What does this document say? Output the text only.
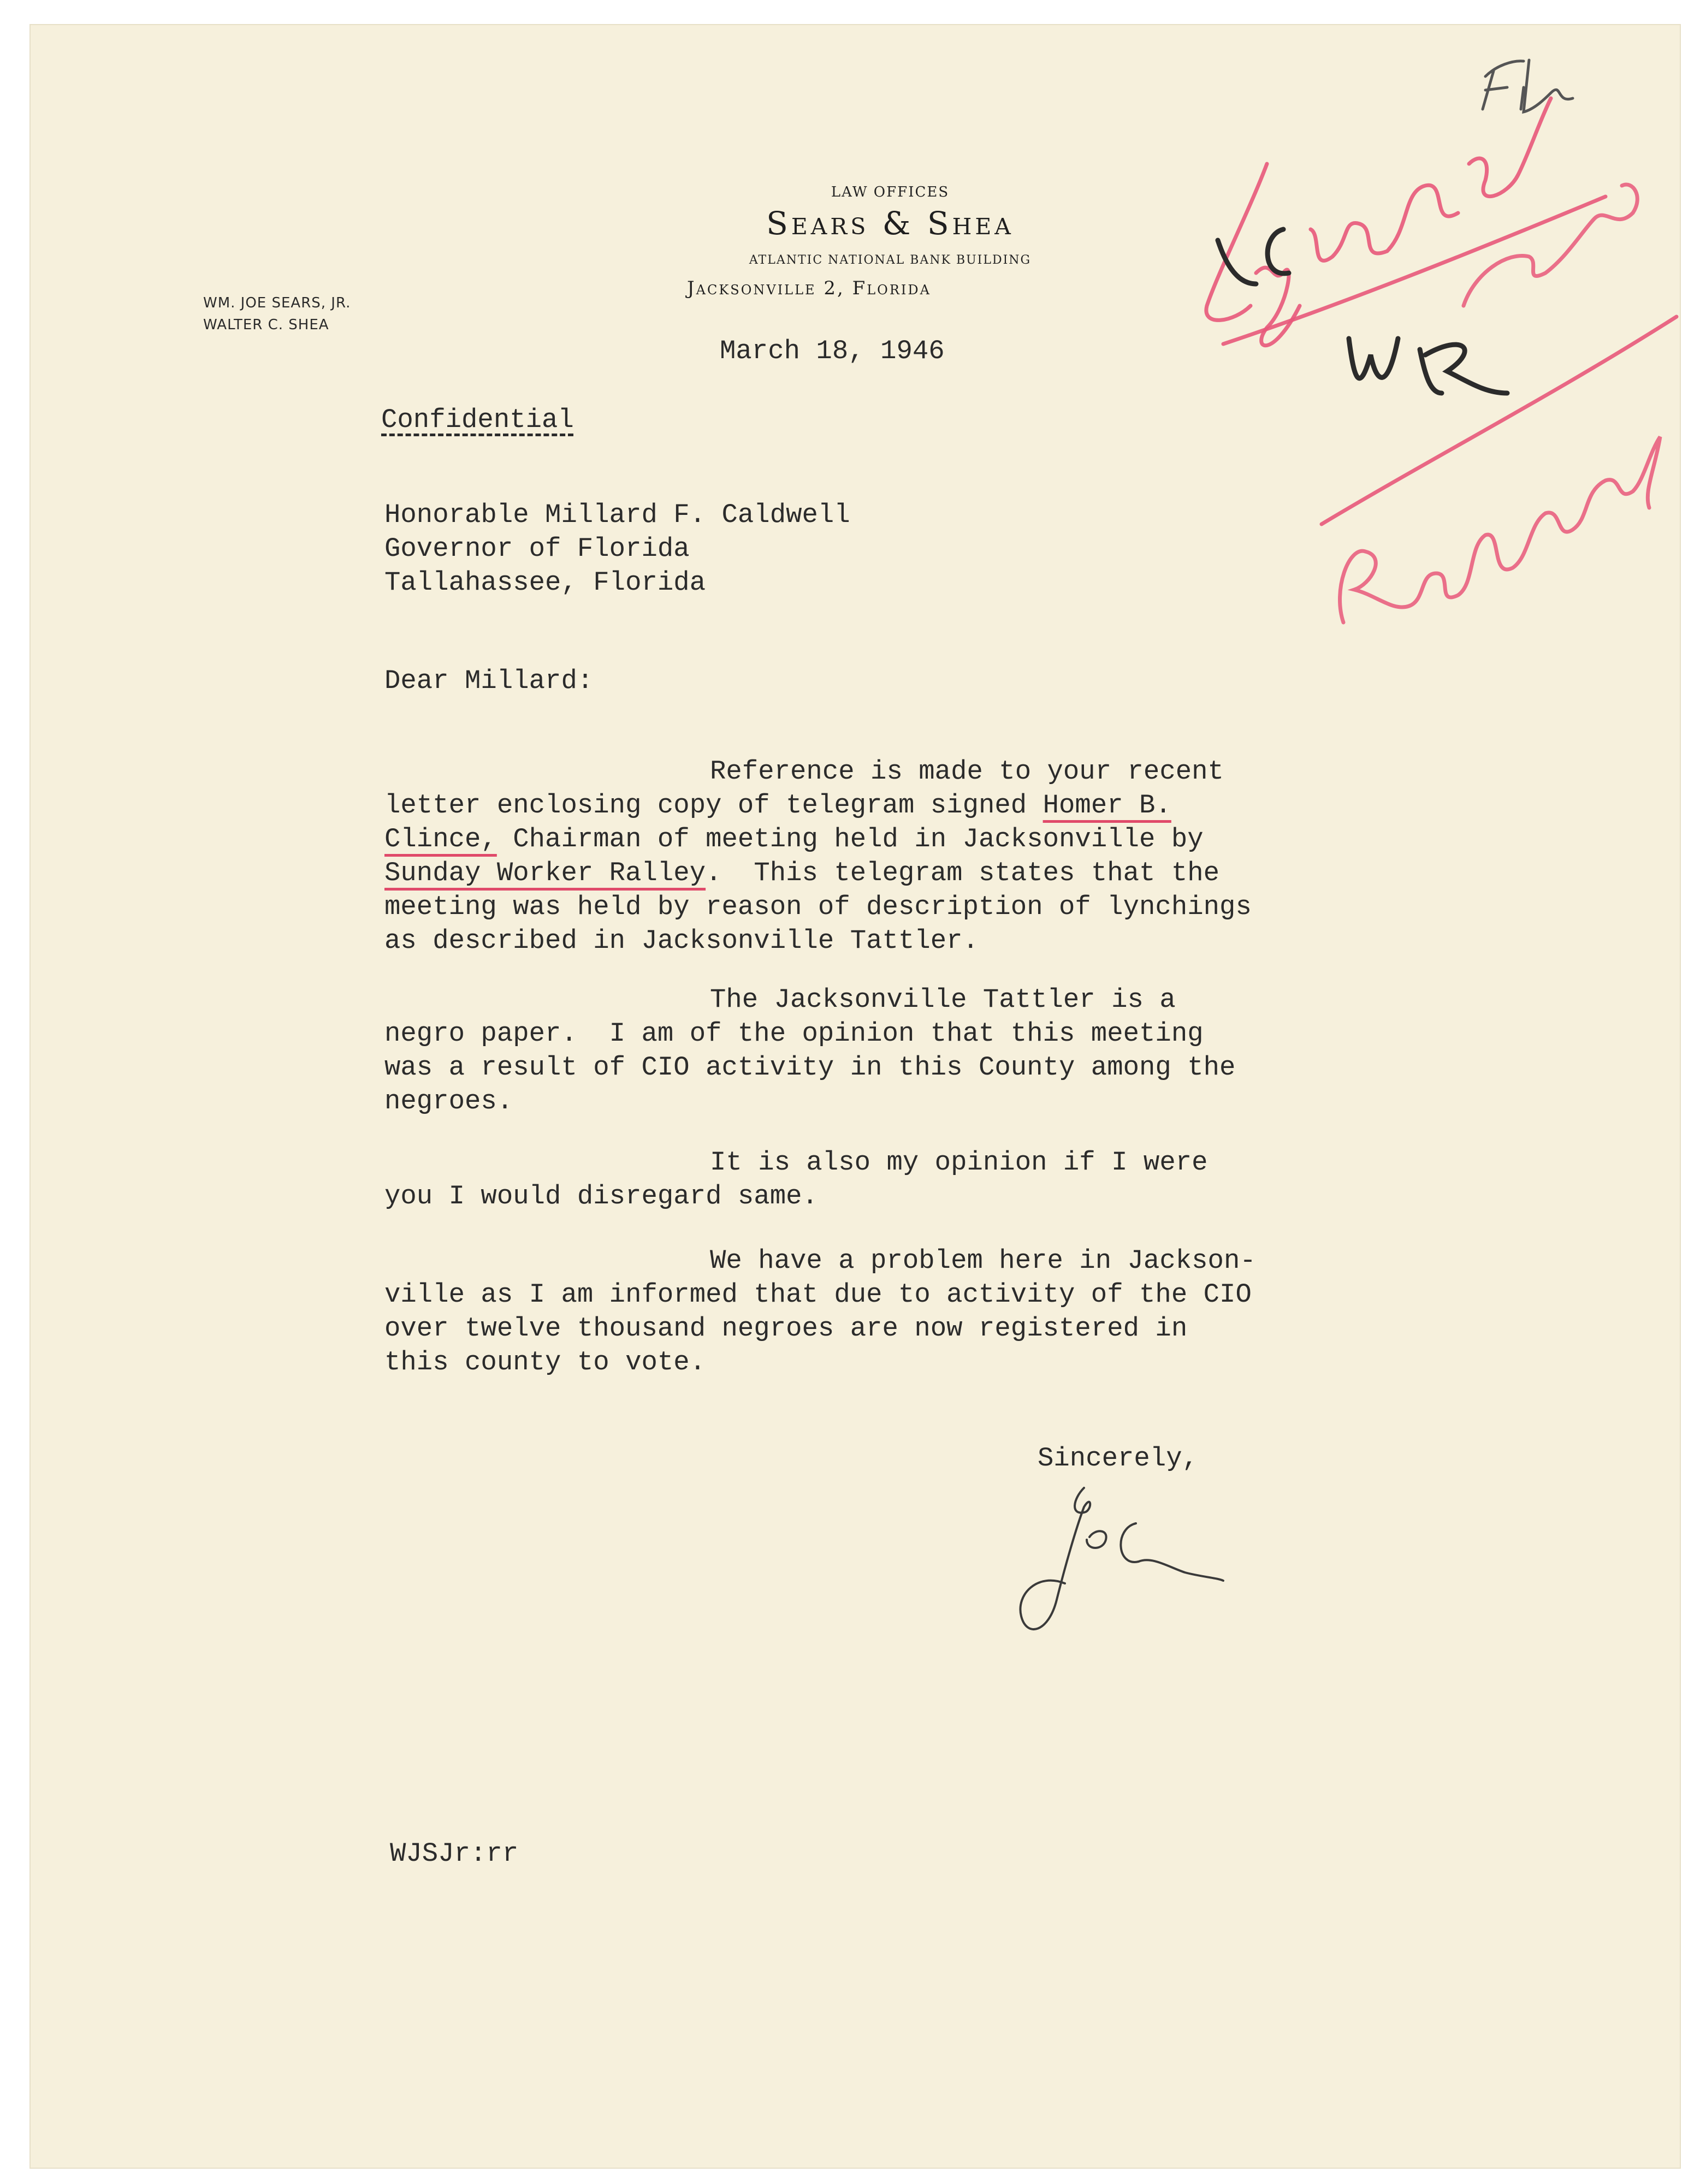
LAW OFFICES
Sears & Shea
ATLANTIC NATIONAL BANK BUILDING
Jacksonville 2, Florida
WM. JOE SEARS, JR.
WALTER C. SHEA
March 18, 1946
Confidential
Honorable Millard F. Caldwell
Governor of Florida
Tallahassee, Florida
Dear Millard:
Reference is made to your recent
letter enclosing copy of telegram signed Homer B.
Clince, Chairman of meeting held in Jacksonville by
Sunday Worker Ralley.  This telegram states that the
meeting was held by reason of description of lynchings
as described in Jacksonville Tattler.
The Jacksonville Tattler is a
negro paper.  I am of the opinion that this meeting
was a result of CIO activity in this County among the
negroes.
It is also my opinion if I were
you I would disregard same.
We have a problem here in Jackson-
ville as I am informed that due to activity of the CIO
over twelve thousand negroes are now registered in
this county to vote.
Sincerely,
WJSJr:rr
